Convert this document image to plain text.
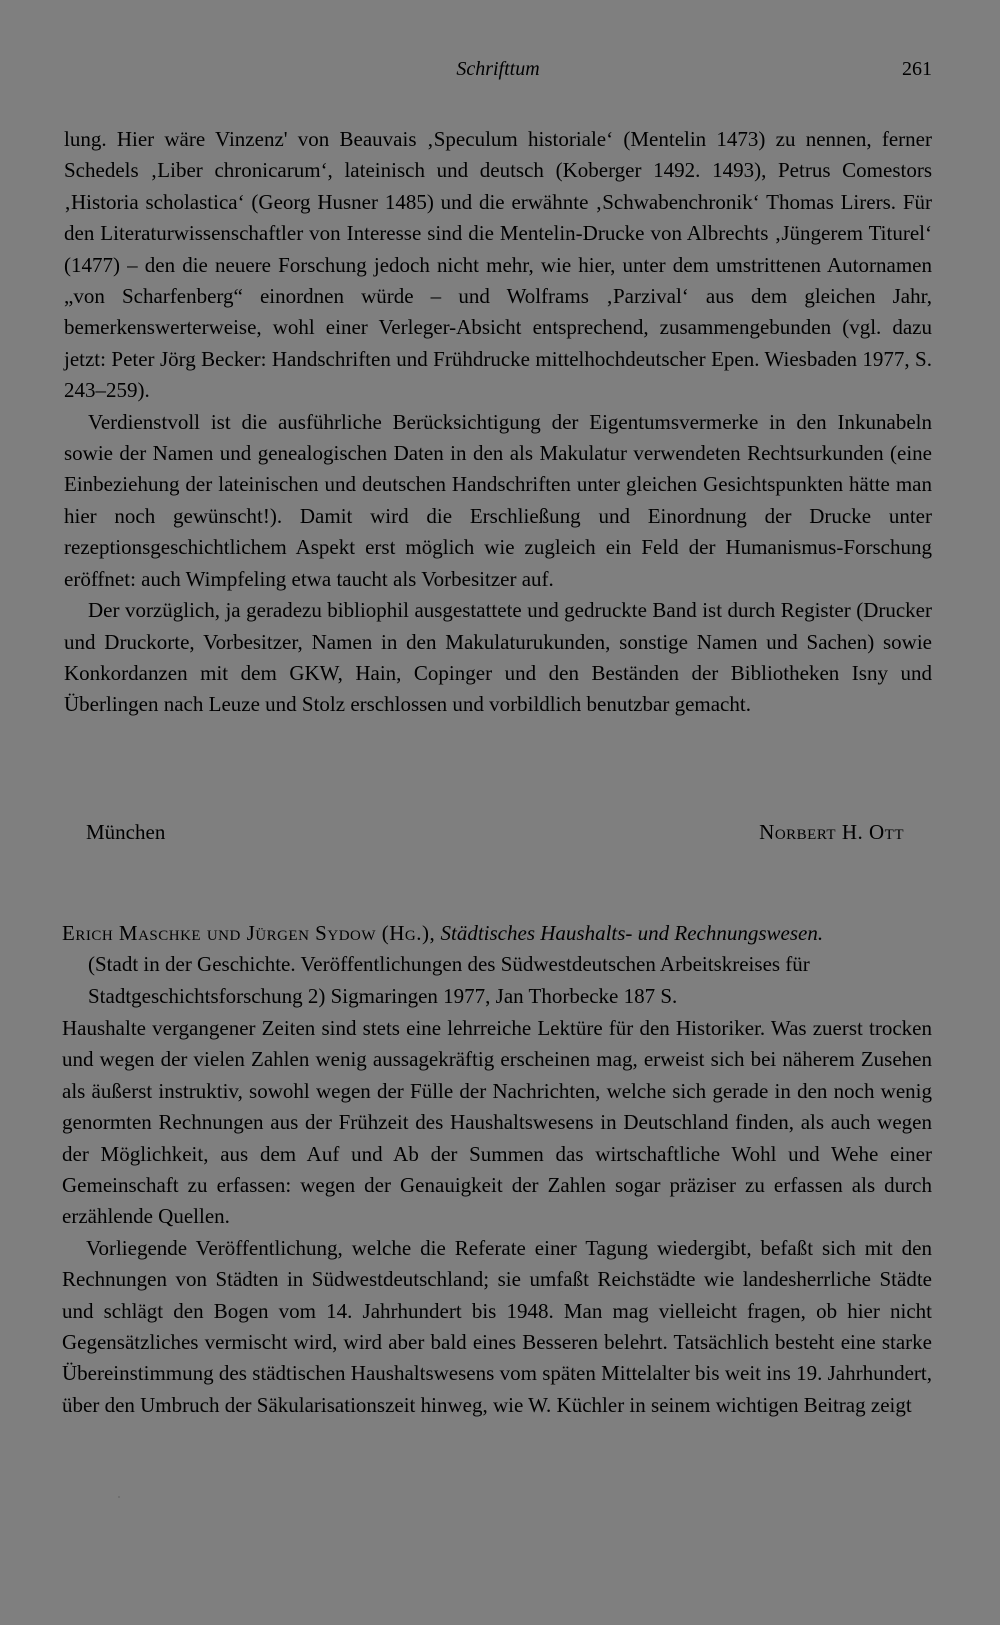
Schrifttum	261

lung. Hier wäre Vinzenz' von Beauvais ‚Speculum historiale‘ (Mentelin 1473) zu nennen, ferner Schedels ‚Liber chronicarum‘, lateinisch und deutsch (Koberger 1492. 1493), Petrus Comestors ‚Historia scholastica‘ (Georg Husner 1485) und die erwähnte ‚Schwabenchronik‘ Thomas Lirers. Für den Literaturwissenschaftler von Interesse sind die Mentelin-Drucke von Albrechts ‚Jüngerem Titurel‘ (1477) – den die neuere Forschung jedoch nicht mehr, wie hier, unter dem umstrittenen Autornamen „von Scharfenberg“ einordnen würde – und Wolframs ‚Parzival‘ aus dem gleichen Jahr, bemerkenswerterweise, wohl einer Verleger-Absicht entsprechend, zusammengebunden (vgl. dazu jetzt: Peter Jörg Becker: Handschriften und Frühdrucke mittelhochdeutscher Epen. Wiesbaden 1977, S. 243–259).

Verdienstvoll ist die ausführliche Berücksichtigung der Eigentumsvermerke in den Inkunabeln sowie der Namen und genealogischen Daten in den als Makulatur verwendeten Rechtsurkunden (eine Einbeziehung der lateinischen und deutschen Handschriften unter gleichen Gesichtspunkten hätte man hier noch gewünscht!). Damit wird die Erschließung und Einordnung der Drucke unter rezeptionsgeschichtlichem Aspekt erst möglich wie zugleich ein Feld der Humanismus-Forschung eröffnet: auch Wimpfeling etwa taucht als Vorbesitzer auf.

Der vorzüglich, ja geradezu bibliophil ausgestattete und gedruckte Band ist durch Register (Drucker und Druckorte, Vorbesitzer, Namen in den Makulaturukunden, sonstige Namen und Sachen) sowie Konkordanzen mit dem GKW, Hain, Copinger und den Beständen der Bibliotheken Isny und Überlingen nach Leuze und Stolz erschlossen und vorbildlich benutzbar gemacht.

München	Norbert H. Ott

Erich Maschke und Jürgen Sydow (Hg.), Städtisches Haushalts- und Rechnungswesen.

(Stadt in der Geschichte. Veröffentlichungen des Südwestdeutschen Arbeitskreises für

Stadtgeschichtsforschung 2) Sigmaringen 1977, Jan Thorbecke 187 S.

Haushalte vergangener Zeiten sind stets eine lehrreiche Lektüre für den Historiker. Was zuerst trocken und wegen der vielen Zahlen wenig aussagekräftig erscheinen mag, erweist sich bei näherem Zusehen als äußerst instruktiv, sowohl wegen der Fülle der Nachrichten, welche sich gerade in den noch wenig genormten Rechnungen aus der Frühzeit des Haushaltswesens in Deutschland finden, als auch wegen der Möglichkeit, aus dem Auf und Ab der Summen das wirtschaftliche Wohl und Wehe einer Gemeinschaft zu erfassen: wegen der Genauigkeit der Zahlen sogar präziser zu erfassen als durch erzählende Quellen.

Vorliegende Veröffentlichung, welche die Referate einer Tagung wiedergibt, befaßt sich mit den Rechnungen von Städten in Südwestdeutschland; sie umfaßt Reichstädte wie landesherrliche Städte und schlägt den Bogen vom 14. Jahrhundert bis 1948. Man mag vielleicht fragen, ob hier nicht Gegensätzliches vermischt wird, wird aber bald eines Besseren belehrt. Tatsächlich besteht eine starke Übereinstimmung des städtischen Haushaltswesens vom späten Mittelalter bis weit ins 19. Jahrhundert, über den Umbruch der Säkularisationszeit hinweg, wie W. Küchler in seinem wichtigen Beitrag zeigt
